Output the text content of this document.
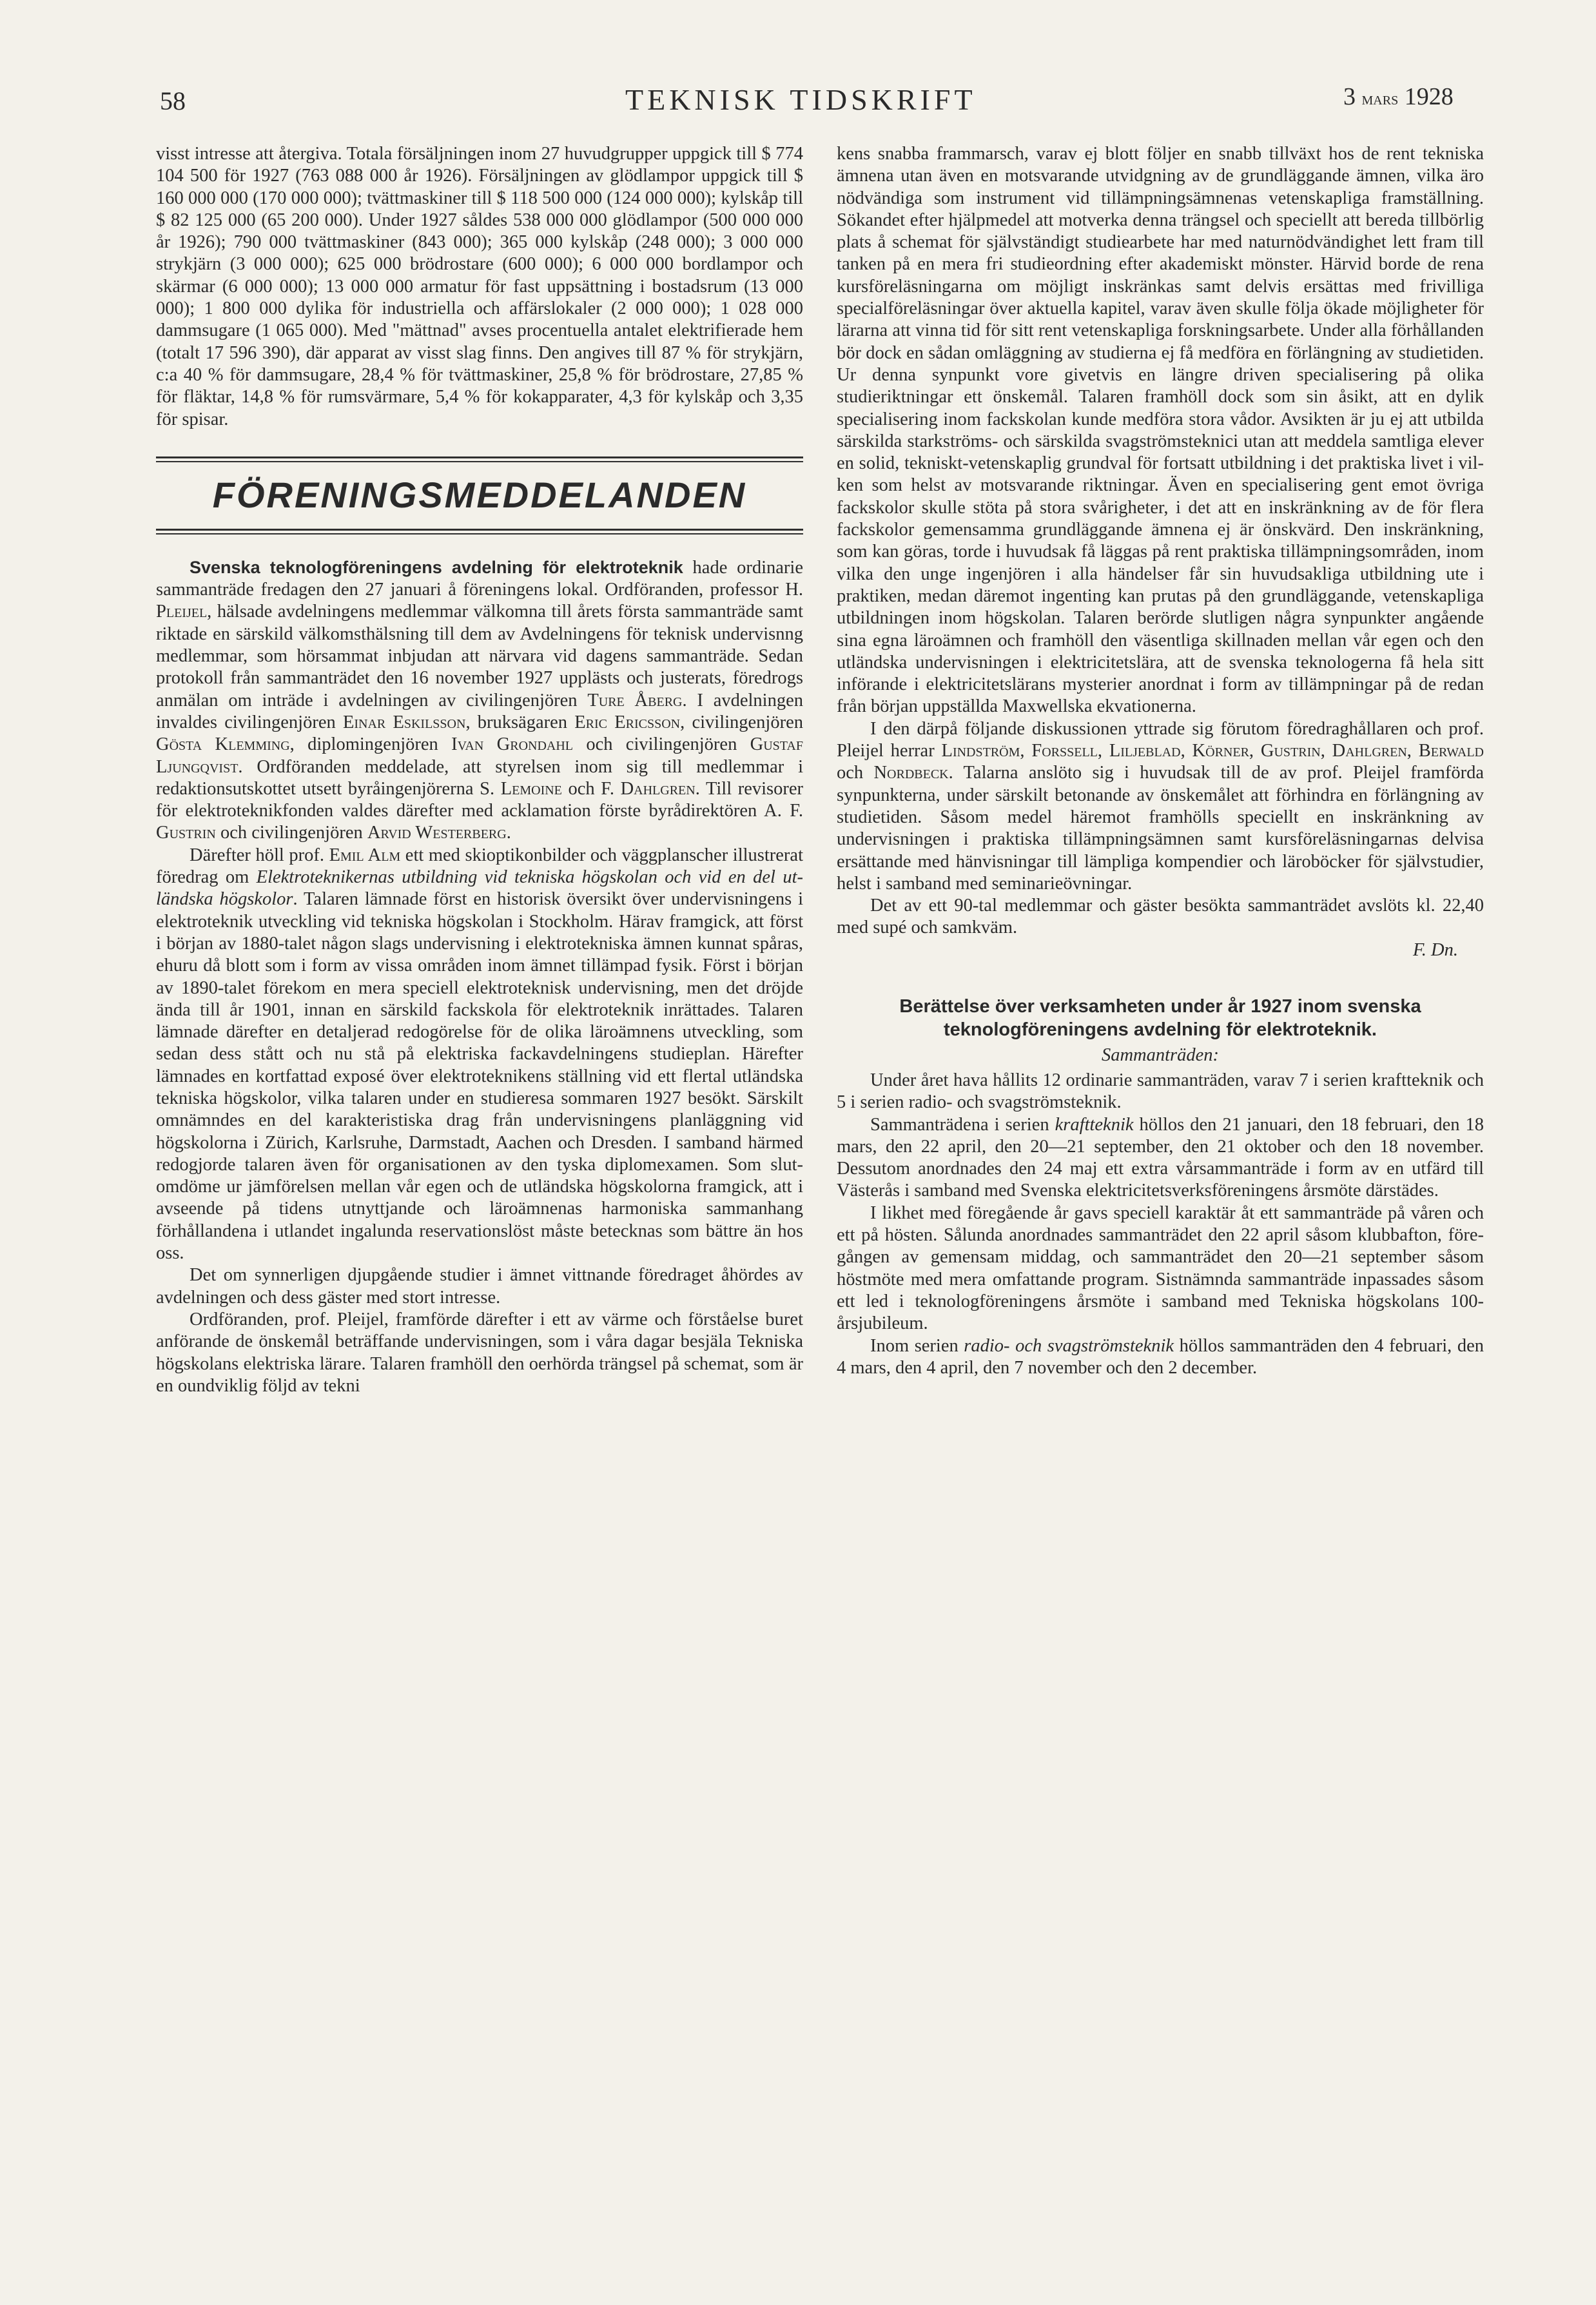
58	TEKNISK TIDSKRIFT	3 mars 1928

visst intresse att återgiva. Totala försäljningen inom 27 huvudgrupper uppgick till $ 774 104 500 för 1927 (763 088 000 år 1926). Försäljningen av glödlampor uppgick till $ 160 000 000 (170 000 000); tvättmaskiner till $ 118 500 000 (124 000 000); kylskåp till $ 82 125 000 (65 200 000). Under 1927 såldes 538 000 000 glödlampor (500 000 000 år 1926); 790 000 tvättmaskiner (843 000); 365 000 kylskåp (248 000); 3 000 000 strykjärn (3 000 000); 625 000 brödrostare (600 000); 6 000 000 bordlampor och skärmar (6 000 000); 13 000 000 armatur för fast uppsättning i bostadsrum (13 000 000); 1 800 000 dylika för industriella och affärslokaler (2 000 000); 1 028 000 dammsugare (1 065 000). Med "mättnad" avses procentuella antalet elektrifierade hem (totalt 17 596 390), där apparat av visst slag finns. Den angives till 87 % för strykjärn, c:a 40 % för dammsugare, 28,4 % för tvättmaskiner, 25,8 % för brödrostare, 27,85 % för fläktar, 14,8 % för rumsvärmare, 5,4 % för kokapparater, 4,3 för kylskåp och 3,35 för spisar.

FÖRENINGSMEDDELANDEN

Svenska teknologföreningens avdelning för elektroteknik hade ordinarie sammanträde fredagen den 27 januari å föreningens lokal. Ordföranden, professor H. Pleijel, hälsade avdelningens medlemmar välkomna till årets första sammanträde samt riktade en särskild välkomsthälsning till dem av Avdelningens för teknisk undervisnng medlemmar, som hörsammat inbjudan att närvara vid dagens sammanträde. Sedan protokoll från sammanträdet den 16 november 1927 upplästs och justerats, föredrogs anmälan om inträde i avdelningen av civilingenjören Ture Åberg. I avdelningen invaldes civilingenjören Einar Eskilsson, bruksägaren Eric Ericsson, civilingenjören Gösta Klemming, diplomingenjören Ivan Grondahl och civilingenjören Gustaf Ljungqvist. Ordföranden meddelade, att styrelsen inom sig till medlemmar i redaktionsutskottet utsett byråingenjörerna S. Lemoine och F. Dahlgren. Till revisorer för elektroteknikfonden valdes därefter med acklamation förste byrådirektören A. F. Gustrin och civilingenjören Arvid Westerberg.

Därefter höll prof. Emil Alm ett med skioptikonbilder och väggplanscher illustrerat föredrag om Elektroteknikernas utbildning vid tekniska högskolan och vid en del utländska högskolor. Talaren lämnade först en historisk översikt över undervisningens i elektroteknik utveckling vid tekniska högskolan i Stockholm. Härav framgick, att först i början av 1880-talet någon slags undervisning i elektrotekniska ämnen kunnat spåras, ehuru då blott som i form av vissa områden inom ämnet tillämpad fysik. Först i början av 1890-talet förekom en mera speciell elektroteknisk undervisning, men det dröjde ända till år 1901, innan en särskild fackskola för elektroteknik inrättades. Talaren lämnade därefter en detaljerad redogörelse för de olika läroämnens utveckling, som sedan dess stått och nu stå på elektriska fackavdelningens studieplan. Härefter lämnades en kortfattad exposé över elektroteknikens ställning vid ett flertal utländska tekniska högskolor, vilka talaren under en studieresa sommaren 1927 besökt. Särskilt omnämndes en del karakteristiska drag från undervisningens planläggning vid högskolorna i Zürich, Karlsruhe, Darmstadt, Aachen och Dresden. I samband härmed redogjorde talaren även för organisationen av den tyska diplomexamen. Som slutomdöme ur jämförelsen mellan vår egen och de utländska högskolorna framgick, att i avseende på tidens utnyttjande och läroämnenas harmoniska sammanhang förhållandena i utlandet ingalunda reservationslöst måste betecknas som bättre än hos oss.

Det om synnerligen djupgående studier i ämnet vittnande föredraget åhördes av avdelningen och dess gäster med stort intresse.

Ordföranden, prof. Pleijel, framförde därefter i ett av värme och förståelse buret anförande de önskemål beträffande undervisningen, som i våra dagar besjäla Tekniska högskolans elektriska lärare. Talaren framhöll den oerhörda trängsel på schemat, som är en oundviklig följd av tekni

kens snabba frammarsch, varav ej blott följer en snabb tillväxt hos de rent tekniska ämnena utan även en motsvarande utvidgning av de grundläggande ämnen, vilka äro nödvändiga som instrument vid tillämpningsämnenas vetenskapliga framställning. Sökandet efter hjälpmedel att motverka denna trängsel och speciellt att bereda tillbörlig plats å schemat för självständigt studiearbete har med naturnödvändighet lett fram till tanken på en mera fri studieordning efter akademiskt mönster. Härvid borde de rena kursföreläsningarna om möjligt inskränkas samt delvis ersättas med frivilliga specialföreläsningar över aktuella kapitel, varav även skulle följa ökade möjligheter för lärarna att vinna tid för sitt rent vetenskapliga forskningsarbete. Under alla förhållanden bör dock en sådan omläggning av studierna ej få medföra en förlängning av studietiden. Ur denna synpunkt vore givetvis en längre driven specialisering på olika studieriktningar ett önskemål. Talaren framhöll dock som sin åsikt, att en dylik specialisering inom fackskolan kunde medföra stora vådor. Avsikten är ju ej att utbilda särskilda starkströms- och särskilda svagströmsteknici utan att meddela samtliga elever en solid, tekniskt-vetenskaplig grundval för fortsatt utbildning i det praktiska livet i vilken som helst av motsvarande riktningar. Även en specialisering gent emot övriga fackskolor skulle stöta på stora svårigheter, i det att en inskränkning av de för flera fackskolor gemensamma grundläggande ämnena ej är önskvärd. Den inskränkning, som kan göras, torde i huvudsak få läggas på rent praktiska tillämpningsområden, inom vilka den unge ingenjören i alla händelser får sin huvudsakliga utbildning ute i praktiken, medan däremot ingenting kan prutas på den grundläggande, vetenskapliga utbildningen inom högskolan. Talaren berörde slutligen några synpunkter angående sina egna läroämnen och framhöll den väsentliga skillnaden mellan vår egen och den utländska undervisningen i elektricitetslära, att de svenska teknologerna få hela sitt införande i elektricitetslärans mysterier anordnat i form av tillämpningar på de redan från början uppställda Maxwellska ekvationerna.

I den därpå följande diskussionen yttrade sig förutom föredraghållaren och prof. Pleijel herrar Lindström, Forssell, Liljeblad, Körner, Gustrin, Dahlgren, Berwald och Nordbeck. Talarna anslöto sig i huvudsak till de av prof. Pleijel framförda synpunkterna, under särskilt betonande av önskemålet att förhindra en förlängning av studietiden. Såsom medel häremot framhölls speciellt en inskränkning av undervisningen i praktiska tillämpningsämnen samt kursföreläsningarnas delvisa ersättande med hänvisningar till lämpliga kompendier och läroböcker för självstudier, helst i samband med seminarieövningar.

Det av ett 90-tal medlemmar och gäster besökta sammanträdet avslöts kl. 22,40 med supé och samkväm.

F. Dn.
Berättelse över verksamheten under år 1927 inom svenska
teknologföreningens avdelning för elektroteknik.
Sammanträden:

Under året hava hållits 12 ordinarie sammanträden, varav 7 i serien kraftteknik och 5 i serien radio- och svagströmsteknik.

Sammanträdena i serien kraftteknik höllos den 21 januari, den 18 februari, den 18 mars, den 22 april, den 20—21 september, den 21 oktober och den 18 november. Dessutom anordnades den 24 maj ett extra vårsammanträde i form av en utfärd till Västerås i samband med Svenska elektricitetsverksföreningens årsmöte därstädes.

I likhet med föregående år gavs speciell karaktär åt ett sammanträde på våren och ett på hösten. Sålunda anordnades sammanträdet den 22 april såsom klubbafton, föregången av gemensam middag, och sammanträdet den 20—21 september såsom höstmöte med mera omfattande program. Sistnämnda sammanträde inpassades såsom ett led i teknologföreningens årsmöte i samband med Tekniska högskolans 100-årsjubileum.

Inom serien radio- och svagströmsteknik höllos sammanträden den 4 februari, den 4 mars, den 4 april, den 7 november och den 2 december.
